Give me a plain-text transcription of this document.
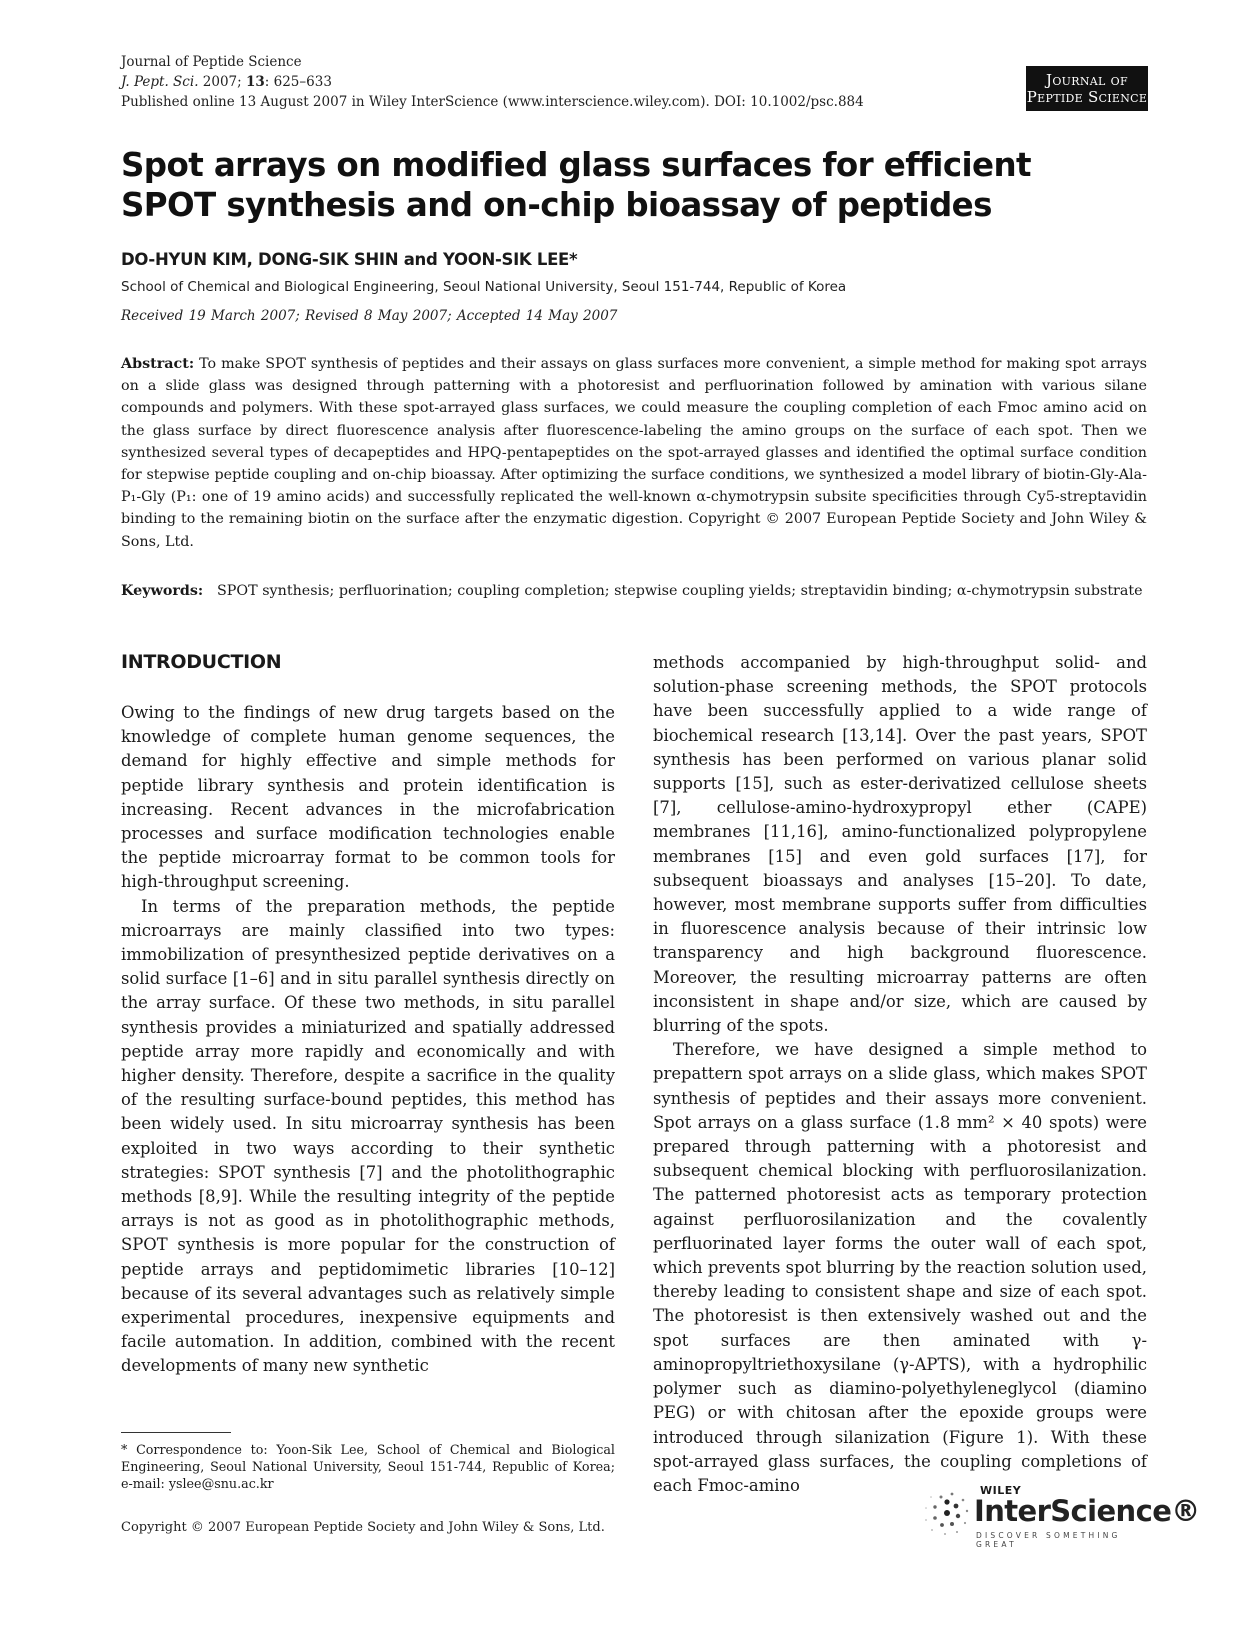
Journal of Peptide Science
J. Pept. Sci. 2007; 13: 625–633
Published online 13 August 2007 in Wiley InterScience (www.interscience.wiley.com). DOI: 10.1002/psc.884
Journal of
Peptide Science
Spot arrays on modified glass surfaces for efficient SPOT synthesis and on-chip bioassay of peptides
DO-HYUN KIM, DONG-SIK SHIN and YOON-SIK LEE*
School of Chemical and Biological Engineering, Seoul National University, Seoul 151-744, Republic of Korea
Received 19 March 2007; Revised 8 May 2007; Accepted 14 May 2007
Abstract: To make SPOT synthesis of peptides and their assays on glass surfaces more convenient, a simple method for making spot arrays on a slide glass was designed through patterning with a photoresist and perfluorination followed by amination with various silane compounds and polymers. With these spot-arrayed glass surfaces, we could measure the coupling completion of each Fmoc amino acid on the glass surface by direct fluorescence analysis after fluorescence-labeling the amino groups on the surface of each spot. Then we synthesized several types of decapeptides and HPQ-pentapeptides on the spot-arrayed glasses and identified the optimal surface condition for stepwise peptide coupling and on-chip bioassay. After optimizing the surface conditions, we synthesized a model library of biotin-Gly-Ala-P₁-Gly (P₁: one of 19 amino acids) and successfully replicated the well-known α-chymotrypsin subsite specificities through Cy5-streptavidin binding to the remaining biotin on the surface after the enzymatic digestion. Copyright © 2007 European Peptide Society and John Wiley & Sons, Ltd.
Keywords: SPOT synthesis; perfluorination; coupling completion; stepwise coupling yields; streptavidin binding; α-chymotrypsin substrate
INTRODUCTION

Owing to the findings of new drug targets based on the knowledge of complete human genome sequences, the demand for highly effective and simple methods for peptide library synthesis and protein identification is increasing. Recent advances in the microfabrication processes and surface modification technologies enable the peptide microarray format to be common tools for high-throughput screening.

In terms of the preparation methods, the peptide microarrays are mainly classified into two types: immobilization of presynthesized peptide derivatives on a solid surface [1–6] and in situ parallel synthesis directly on the array surface. Of these two methods, in situ parallel synthesis provides a miniaturized and spatially addressed peptide array more rapidly and economically and with higher density. Therefore, despite a sacrifice in the quality of the resulting surface-bound peptides, this method has been widely used. In situ microarray synthesis has been exploited in two ways according to their synthetic strategies: SPOT synthesis [7] and the photolithographic methods [8,9]. While the resulting integrity of the peptide arrays is not as good as in photolithographic methods, SPOT synthesis is more popular for the construction of peptide arrays and peptidomimetic libraries [10–12] because of its several advantages such as relatively simple experimental procedures, inexpensive equipments and facile automation. In addition, combined with the recent developments of many new synthetic

methods accompanied by high-throughput solid- and solution-phase screening methods, the SPOT protocols have been successfully applied to a wide range of biochemical research [13,14]. Over the past years, SPOT synthesis has been performed on various planar solid supports [15], such as ester-derivatized cellulose sheets [7], cellulose-amino-hydroxypropyl ether (CAPE) membranes [11,16], amino-functionalized polypropylene membranes [15] and even gold surfaces [17], for subsequent bioassays and analyses [15–20]. To date, however, most membrane supports suffer from difficulties in fluorescence analysis because of their intrinsic low transparency and high background fluorescence. Moreover, the resulting microarray patterns are often inconsistent in shape and/or size, which are caused by blurring of the spots.

Therefore, we have designed a simple method to prepattern spot arrays on a slide glass, which makes SPOT synthesis of peptides and their assays more convenient. Spot arrays on a glass surface (1.8 mm² × 40 spots) were prepared through patterning with a photoresist and subsequent chemical blocking with perfluorosilanization. The patterned photoresist acts as temporary protection against perfluorosilanization and the covalently perfluorinated layer forms the outer wall of each spot, which prevents spot blurring by the reaction solution used, thereby leading to consistent shape and size of each spot. The photoresist is then extensively washed out and the spot surfaces are then aminated with γ-aminopropyltriethoxysilane (γ-APTS), with a hydrophilic polymer such as diamino-polyethyleneglycol (diamino PEG) or with chitosan after the epoxide groups were introduced through silanization (Figure 1). With these spot-arrayed glass surfaces, the coupling completions of each Fmoc-amino

* Correspondence to: Yoon-Sik Lee, School of Chemical and Biological Engineering, Seoul National University, Seoul 151-744, Republic of Korea; e-mail: yslee@snu.ac.kr
Copyright © 2007 European Peptide Society and John Wiley & Sons, Ltd.
WILEY
InterScience®
DISCOVER SOMETHING GREAT
